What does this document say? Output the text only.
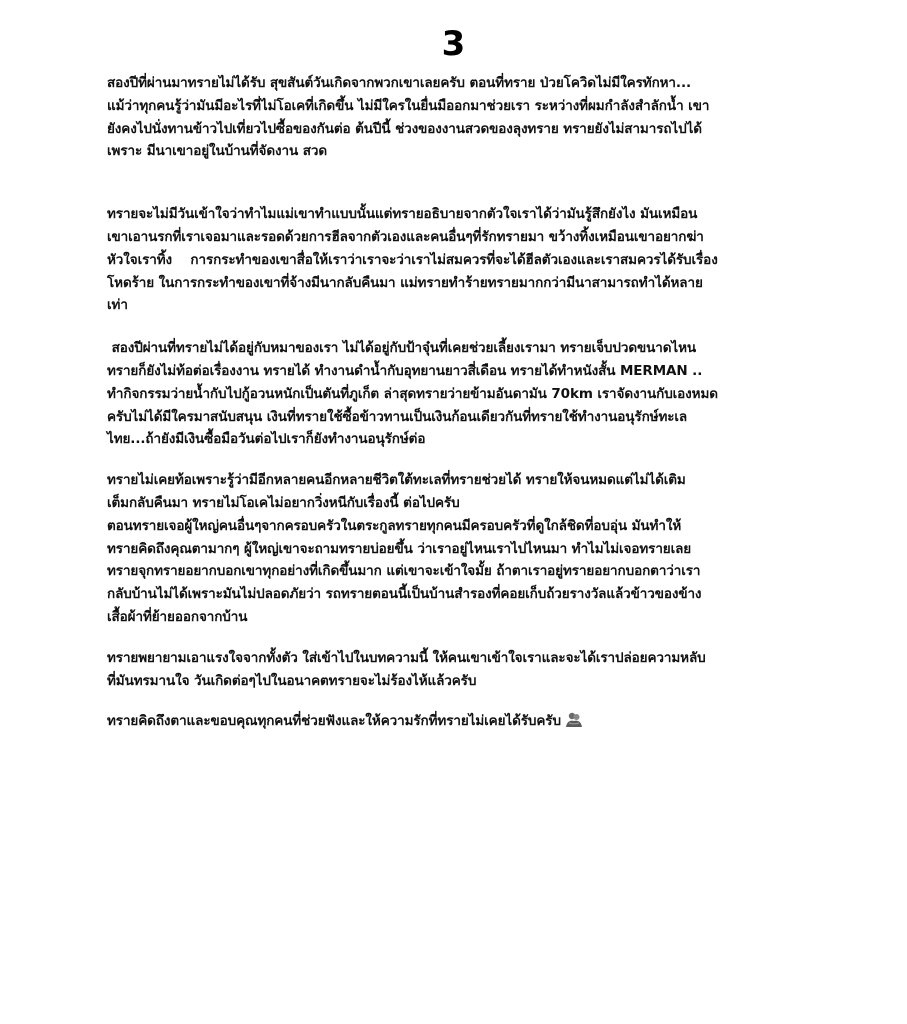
3

สองปีที่ผ่านมาทรายไม่ได้รับ สุขสันต์วันเกิดจากพวกเขาเลยครับ ตอนที่ทราย ป่วยโควิดไม่มีใครทักหา...
แม้ว่าทุกคนรู้ว่ามันมีอะไรที่ไม่โอเคที่เกิดขึ้น ไม่มีใครในยื่นมืออกมาช่วยเรา ระหว่างที่ผมกำลังสำลักน้ำ เขา
ยังคงไปนั่งทานข้าวไปเที่ยวไปซื้อของกันต่อ ต้นปีนี้ ช่วงของงานสวดของลุงทราย ทรายยังไม่สามารถไปได้
เพราะ มีนาเขาอยู่ในบ้านที่จัดงาน สวด

ทรายจะไม่มีวันเข้าใจว่าทำไมแม่เขาทำแบบนั้นแต่ทรายอธิบายจากตัวใจเราได้ว่ามันรู้สึกยังไง มันเหมือน
เขาเอานรกที่เราเจอมาและรอดด้วยการฮีลจากตัวเองและคนอื่นๆที่รักทรายมา ขว้างทิ้งเหมือนเขาอยากฆ่า
หัวใจเราทิ้ง    การกระทำของเขาสื่อให้เราว่าเราจะว่าเราไม่สมควรที่จะได้ฮีลตัวเองและเราสมควรได้รับเรื่อง
โหดร้าย ในการกระทำของเขาที่จ้างมีนากลับคืนมา แม่ทรายทำร้ายทรายมากกว่ามีนาสามารถทำได้หลาย
เท่า

สองปีผ่านที่ทรายไม่ได้อยู่กับหมาของเรา ไม่ได้อยู่กับป้าจุ๋นที่เคยช่วยเลี้ยงเรามา ทรายเจ็บปวดขนาดไหน
ทรายก็ยังไม่ท้อต่อเรื่องงาน ทรายได้ ทำงานดำน้ำกับอุทยานยาวสี่เดือน ทรายได้ทำหนังสั้น MERMAN ..
ทำกิจกรรมว่ายน้ำกับไปกู้อวนหนักเป็นตันที่ภูเก็ต ล่าสุดทรายว่ายข้ามอันดามัน 70km เราจัดงานกับเองหมด
ครับไม่ได้มีใครมาสนับสนุน เงินที่ทรายใช้ซื้อข้าวทานเป็นเงินก้อนเดียวกันที่ทรายใช้ทำงานอนุรักษ์ทะเล
ไทย...ถ้ายังมีเงินซื้อมือวันต่อไปเราก็ยังทำงานอนุรักษ์ต่อ

ทรายไม่เคยท้อเพราะรู้ว่ามีอีกหลายคนอีกหลายชีวิตใต้ทะเลที่ทรายช่วยได้ ทรายให้จนหมดแต่ไม่ได้เติม
เต็มกลับคืนมา ทรายไม่โอเคไม่อยากวิ่งหนีกับเรื่องนี้ ต่อไปครับ
ตอนทรายเจอผู้ใหญ่คนอื่นๆจากครอบครัวในตระกูลทรายทุกคนมีครอบครัวที่ดูใกล้ชิดที่อบอุ่น มันทำให้
ทรายคิดถึงคุณตามากๆ ผู้ใหญ่เขาจะถามทรายบ่อยขึ้น ว่าเราอยู่ไหนเราไปไหนมา ทำไมไม่เจอทรายเลย
ทรายจุกทรายอยากบอกเขาทุกอย่างที่เกิดขึ้นมาก แต่เขาจะเข้าใจมั้ย ถ้าตาเราอยู่ทรายอยากบอกตาว่าเรา
กลับบ้านไม่ได้เพราะมันไม่ปลอดภัยว่า รถทรายตอนนี้เป็นบ้านสำรองที่คอยเก็บถ้วยรางวัลแล้วข้าวของข้าง
เสื้อผ้าที่ย้ายออกจากบ้าน

ทรายพยายามเอาแรงใจจากทั้งตัว ใส่เข้าไปในบทความนี้ ให้คนเขาเข้าใจเราและจะได้เราปล่อยความหลับ
ที่มันทรมานใจ วันเกิดต่อๆไปในอนาคตทรายจะไม่ร้องไห้แล้วครับ

ทรายคิดถึงตาและขอบคุณทุกคนที่ช่วยฟังและให้ความรักที่ทรายไม่เคยได้รับครับ
